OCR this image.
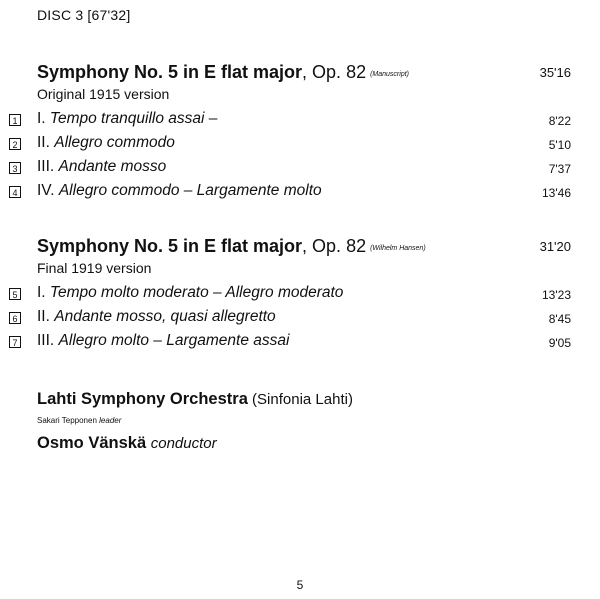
DISC 3 [67'32]
Symphony No. 5 in E flat major, Op. 82 (Manuscript)	35'16
Original 1915 version
1 I. Tempo tranquillo assai –	8'22
2 II. Allegro commodo	5'10
3 III. Andante mosso	7'37
4 IV. Allegro commodo – Largamente molto	13'46
Symphony No. 5 in E flat major, Op. 82 (Wilhelm Hansen)	31'20
Final 1919 version
5 I. Tempo molto moderato – Allegro moderato	13'23
6 II. Andante mosso, quasi allegretto	8'45
7 III. Allegro molto – Largamente assai	9'05
Lahti Symphony Orchestra (Sinfonia Lahti)
Sakari Tepponen leader
Osmo Vänskä conductor
5
